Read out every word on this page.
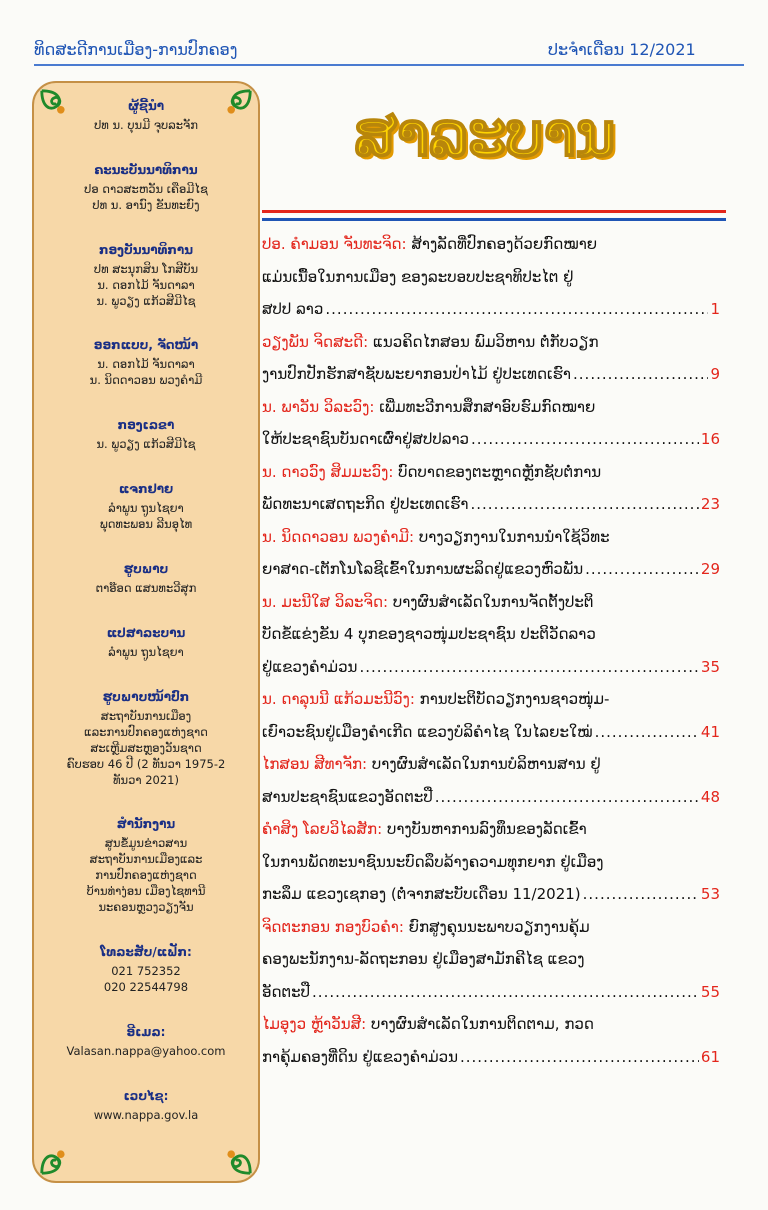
ທິດສະດີການເມືອງ-ການປົກຄອງ	ປະຈຳເດືອນ 12/2021
ຜູ້ຊີ້ນຳ
ປທ ນ. ບຸນມີ ຈຸບລະຈັກ
ຄະນະບັນນາທິການ
ປອ ດາວສະຫວັນ ເຄືອມີໄຊ
ປທ ນ. ອານົງ ຂັນທະຍົງ
ກອງບັນນາທິການ
ປທ ສະນຸກສິນ ໂກສີບັນ
ນ. ດອກໄມ້ ຈັນດາລາ
ນ. ພູວຽງ ແກ້ວສີມີໄຊ
ອອກແບບ, ຈັດໜ້າ
ນ. ດອກໄມ້ ຈັນດາລາ
ນ. ນິດດາວອນ ພວງຄຳມີ
ກອງເລຂາ
ນ. ພູວຽງ ແກ້ວສີມີໄຊ
ແຈກຢາຍ
ລຳພູນ ຖູນໄຊຍາ
ພຸດທະພອນ ລີນອຸໄທ
ຮູບພາບ
ຕາອ໊ອດ ແສນທະວີສຸກ
ແປສາລະບານ
ລຳພູນ ຖູນໄຊຍາ
ຮູບພາບໜ້າປົກ
ສະຖາບັນການເມືອງ
ແລະການປົກຄອງແຫ່ງຊາດ
ສະເຫຼີມສະຫຼອງວັນຊາດ
ຄົບຮອບ 46 ປີ (2 ທັນວາ 1975-2
ທັນວາ 2021)
ສຳນັກງານ
ສູນຂໍ້ມູນຂ່າວສານ
ສະຖາບັນການເມືອງແລະ
ການປົກຄອງແຫ່ງຊາດ
ບ້ານທ່າງ່ອນ ເມືອງໄຊທານີ
ນະຄອນຫຼວງວຽງຈັນ
ໂທລະສັບ/ແຟັກ:
021 752352
020 22544798
ອີເມລ:
Valasan.nappa@yahoo.com
ເວບໄຊ:
www.nappa.gov.la
ສາລະບານ
ປອ. ຄຳມອນ ຈັນທະຈິດ: ສ້າງລັດທີ່ປົກຄອງດ້ວຍກົດໝາຍ
ແມ່ນເນື້ອໃນການເມືອງ ຂອງລະບອບປະຊາທິປະໄຕ ຢູ່
ສປປ ລາວ .....	1
ວຽງພັນ ຈິດສະດີ: ແນວຄິດໄກສອນ ພົມວິຫານ ຕໍ່ກັບວຽກ
ງານປົກປັກຮັກສາຊັບພະຍາກອນປ່າໄມ້ ຢູ່ປະເທດເຮົາ .....	9
ນ. ພາວັນ ວິລະວົງ: ເພີ່ມທະວີການສຶກສາອົບຮົມກົດໝາຍ
ໃຫ້ປະຊາຊົນບັນດາເຜົ່າຢູ່ສປປລາວ .....	16
ນ. ດາວວົງ ສິມມະວົງ: ບົດບາດຂອງຕະຫຼາດຫຼັກຊັບຕໍ່ການ
ພັດທະນາເສດຖະກິດ ຢູ່ປະເທດເຮົາ .....	23
ນ. ນິດດາວອນ ພວງຄຳມີ: ບາງວຽກງານໃນການນຳໃຊ້ວິທະ
ຍາສາດ-ເຕັກໂນໂລຊີເຂົ້າໃນການຜະລິດຢູ່ແຂວງຫົວພັນ .....	29
ນ. ມະນີໃສ ວິລະຈິດ: ບາງຜົນສຳເລັດໃນການຈັດຕັ້ງປະຕິ
ບັດຂໍ້ແຂ່ງຂັນ 4 ບຸກຂອງຊາວໜຸ່ມປະຊາຊົນ ປະຕິວັດລາວ
ຢູ່ແຂວງຄຳມ່ວນ .....	35
ນ. ດາລຸນນີ ແກ້ວມະນີວົງ: ການປະຕິບັດວຽກງານຊາວໜຸ່ມ-
ເຍົາວະຊົນຢູ່ເມືອງຄຳເກີດ ແຂວງບໍລິຄຳໄຊ ໃນໄລຍະໃໝ່ .....	41
ໄກສອນ ສີທາຈັກ: ບາງຜົນສຳເລັດໃນການບໍລິຫານສານ ຢູ່
ສານປະຊາຊົນແຂວງອັດຕະປື .....	48
ຄຳສິງ ໂລຍວິໄລສັກ: ບາງບັນຫາການລົງທຶນຂອງລັດເຂົ້າ
ໃນການພັດທະນາຊົນນະບົດລຶບລ້າງຄວາມທຸກຍາກ ຢູ່ເມືອງ
ກະລຶມ ແຂວງເຊກອງ (ຕໍ່ຈາກສະບັບເດືອນ 11/2021) .....	53
ຈິດຕະກອນ ກອງບົວຄຳ: ຍົກສູງຄຸນນະພາບວຽກງານຄຸ້ມ
ຄອງພະນັກງານ-ລັດຖະກອນ ຢູ່ເມືອງສາມັກຄີໄຊ ແຂວງ
ອັດຕະປື .....	55
ໄມອຸງວ ຫຼ້າວັນສີ: ບາງຜົນສຳເລັດໃນການຕິດຕາມ, ກວດ
ກາຄຸ້ມຄອງທີ່ດິນ ຢູ່ແຂວງຄຳມ່ວນ .....	61
